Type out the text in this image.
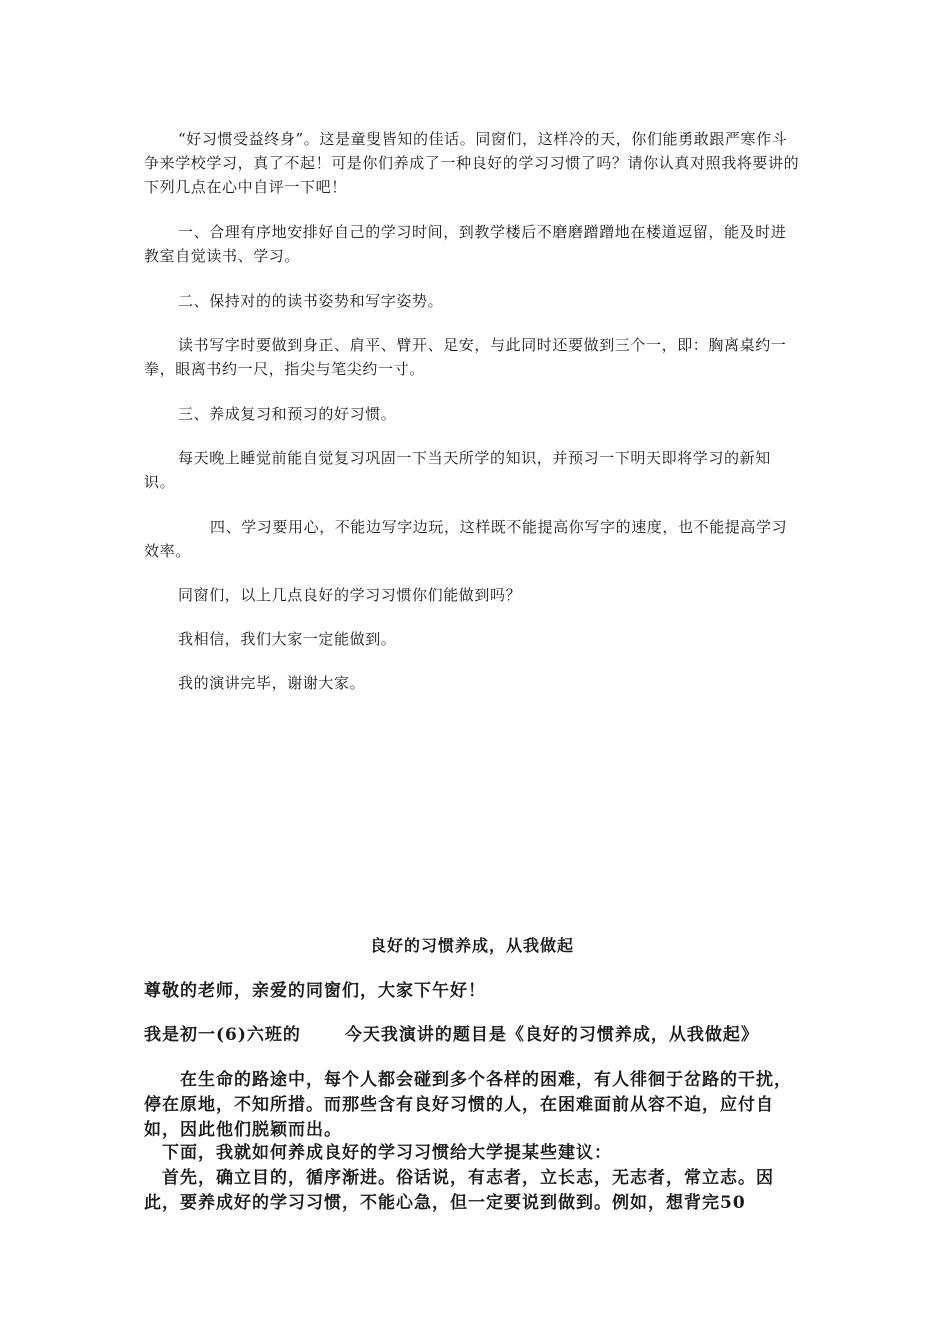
“好习惯受益终身”。这是童叟皆知的佳话。同窗们，这样冷的天，你们能勇敢跟严寒作斗争来学校学习，真了不起！可是你们养成了一种良好的学习习惯了吗？请你认真对照我将要讲的下列几点在心中自评一下吧！

一、合理有序地安排好自己的学习时间，到教学楼后不磨磨蹭蹭地在楼道逗留，能及时进教室自觉读书、学习。

二、保持对的的读书姿势和写字姿势。

读书写字时要做到身正、肩平、臂开、足安，与此同时还要做到三个一，即：胸离桌约一拳，眼离书约一尺，指尖与笔尖约一寸。

三、养成复习和预习的好习惯。

每天晚上睡觉前能自觉复习巩固一下当天所学的知识，并预习一下明天即将学习的新知识。

四、学习要用心，不能边写字边玩，这样既不能提高你写字的速度，也不能提高学习效率。

同窗们，以上几点良好的学习习惯你们能做到吗？

我相信，我们大家一定能做到。

我的演讲完毕，谢谢大家。

良好的习惯养成，从我做起

尊敬的老师，亲爱的同窗们，大家下午好！

我是初一(6)六班的	今天我演讲的题目是《良好的习惯养成，从我做起》

在生命的路途中，每个人都会碰到多个各样的困难，有人徘徊于岔路的干扰，停在原地，不知所措。而那些含有良好习惯的人，在困难面前从容不迫，应付自如，因此他们脱颖而出。

下面，我就如何养成良好的学习习惯给大学提某些建议：

首先，确立目的，循序渐进。俗话说，有志者，立长志，无志者，常立志。因此，要养成好的学习习惯，不能心急，但一定要说到做到。例如，想背完50
